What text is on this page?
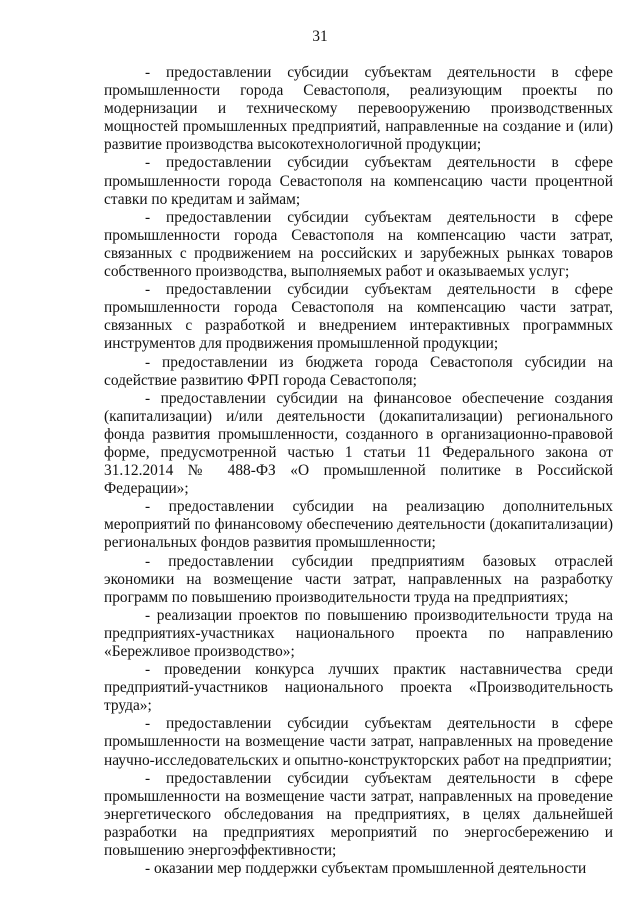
31

- предоставлении субсидии субъектам деятельности в сфере промышленности города Севастополя, реализующим проекты по модернизации и техническому перевооружению производственных мощностей промышленных предприятий, направленные на создание и (или) развитие производства высокотехнологичной продукции;

- предоставлении субсидии субъектам деятельности в сфере промышленности города Севастополя на компенсацию части процентной ставки по кредитам и займам;

- предоставлении субсидии субъектам деятельности в сфере промышленности города Севастополя на компенсацию части затрат, связанных с продвижением на российских и зарубежных рынках товаров собственного производства, выполняемых работ и оказываемых услуг;

- предоставлении субсидии субъектам деятельности в сфере промышленности города Севастополя на компенсацию части затрат, связанных с разработкой и внедрением интерактивных программных инструментов для продвижения промышленной продукции;

- предоставлении из бюджета города Севастополя субсидии на содействие развитию ФРП города Севастополя;

- предоставлении субсидии на финансовое обеспечение создания (капитализации) и/или деятельности (докапитализации) регионального фонда развития промышленности, созданного в организационно-правовой форме, предусмотренной частью 1 статьи 11 Федерального закона от 31.12.2014 № 488-ФЗ «О промышленной политике в Российской Федерации»;

- предоставлении субсидии на реализацию дополнительных мероприятий по финансовому обеспечению деятельности (докапитализации) региональных фондов развития промышленности;

- предоставлении субсидии предприятиям базовых отраслей экономики на возмещение части затрат, направленных на разработку программ по повышению производительности труда на предприятиях;

- реализации проектов по повышению производительности труда на предприятиях-участниках национального проекта по направлению «Бережливое производство»;

- проведении конкурса лучших практик наставничества среди предприятий-участников национального проекта «Производительность труда»;

- предоставлении субсидии субъектам деятельности в сфере промышленности на возмещение части затрат, направленных на проведение научно-исследовательских и опытно-конструкторских работ на предприятии;

- предоставлении субсидии субъектам деятельности в сфере промышленности на возмещение части затрат, направленных на проведение энергетического обследования на предприятиях, в целях дальнейшей разработки на предприятиях мероприятий по энергосбережению и повышению энергоэффективности;

- оказании мер поддержки субъектам промышленной деятельности
